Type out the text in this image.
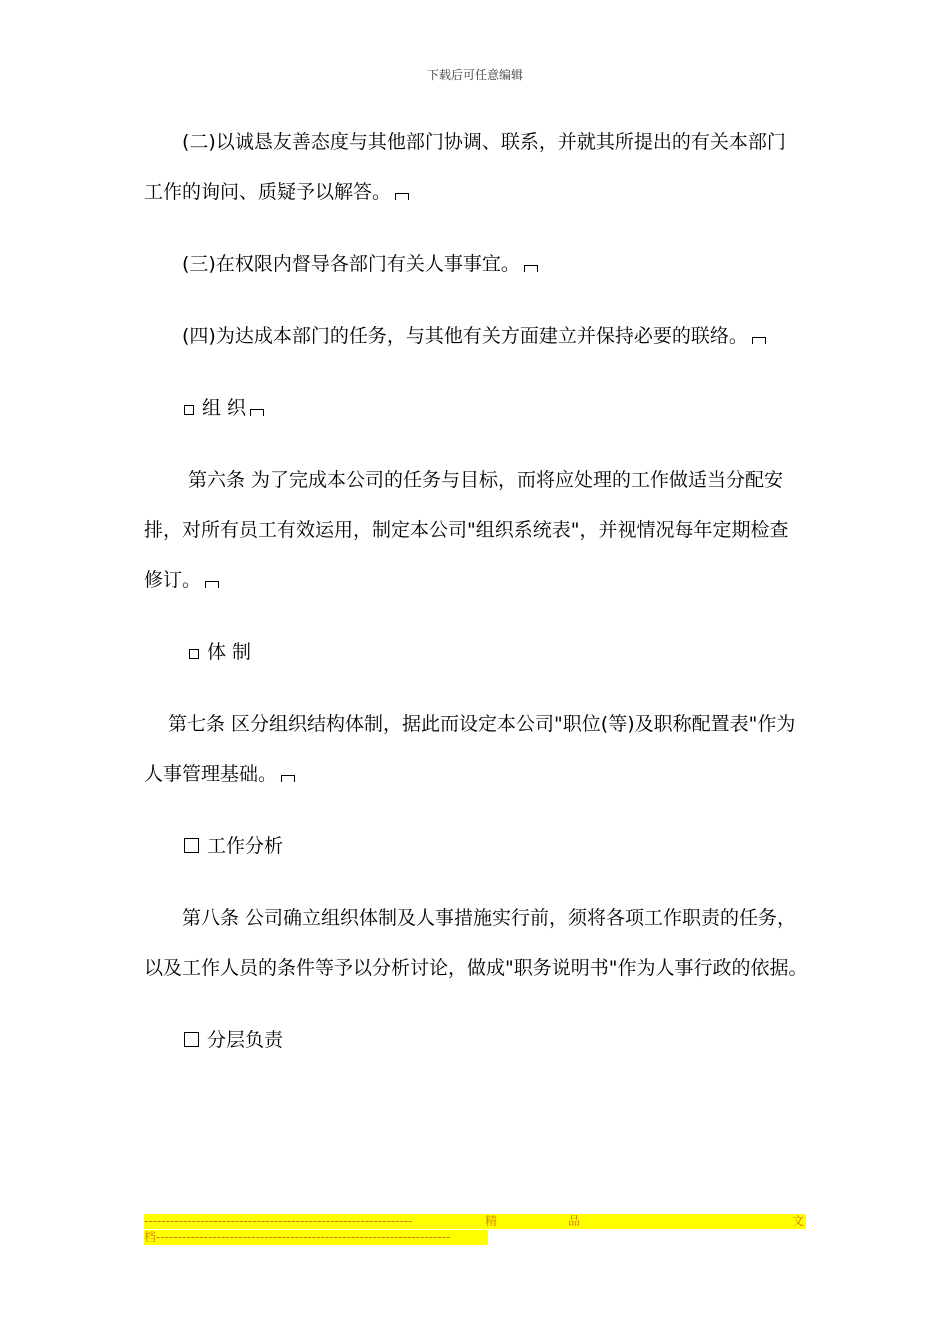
下载后可任意编辑
(二)以诚恳友善态度与其他部门协调、联系，并就其所提出的有关本部门
工作的询问、质疑予以解答。
(三)在权限内督导各部门有关人事事宜。
(四)为达成本部门的任务，与其他有关方面建立并保持必要的联络。
组 织
第六条 为了完成本公司的任务与目标，而将应处理的工作做适当分配安
排，对所有员工有效运用，制定本公司"组织系统表"，并视情况每年定期检查
修订。
体 制
第七条 区分组织结构体制，据此而设定本公司"职位(等)及职称配置表"作为
人事管理基础。
工作分析
第八条 公司确立组织体制及人事措施实行前，须将各项工作职责的任务，
以及工作人员的条件等予以分析讨论，做成"职务说明书"作为人事行政的依据。
分层负责
--------------------------------------------------------------	精	品	文
档--------------------------------------------------------------------
